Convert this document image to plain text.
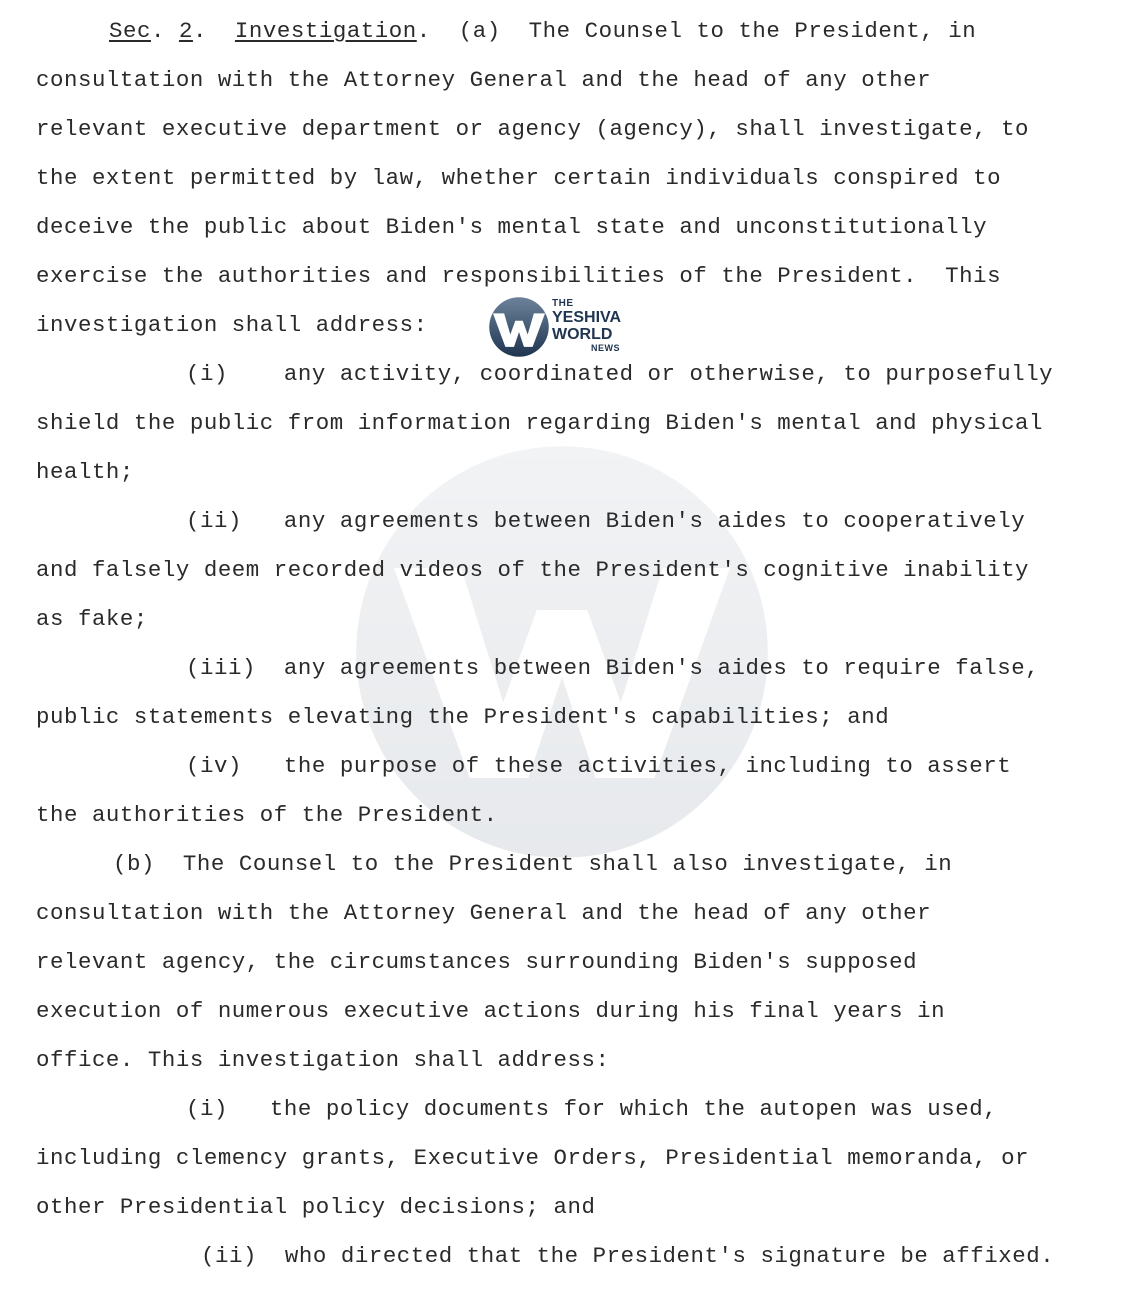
Sec. 2.  Investigation.  (a)  The Counsel to the President, in
consultation with the Attorney General and the head of any other
relevant executive department or agency (agency), shall investigate, to
the extent permitted by law, whether certain individuals conspired to
deceive the public about Biden's mental state and unconstitutionally
exercise the authorities and responsibilities of the President.  This
investigation shall address:
(i)    any activity, coordinated or otherwise, to purposefully
shield the public from information regarding Biden's mental and physical
health;
(ii)   any agreements between Biden's aides to cooperatively
and falsely deem recorded videos of the President's cognitive inability
as fake;
(iii)  any agreements between Biden's aides to require false,
public statements elevating the President's capabilities; and
(iv)   the purpose of these activities, including to assert
the authorities of the President.
(b)  The Counsel to the President shall also investigate, in
consultation with the Attorney General and the head of any other
relevant agency, the circumstances surrounding Biden's supposed
execution of numerous executive actions during his final years in
office. This investigation shall address:
(i)   the policy documents for which the autopen was used,
including clemency grants, Executive Orders, Presidential memoranda, or
other Presidential policy decisions; and
(ii)  who directed that the President's signature be affixed.
THE
YESHIVA
WORLD
NEWS
